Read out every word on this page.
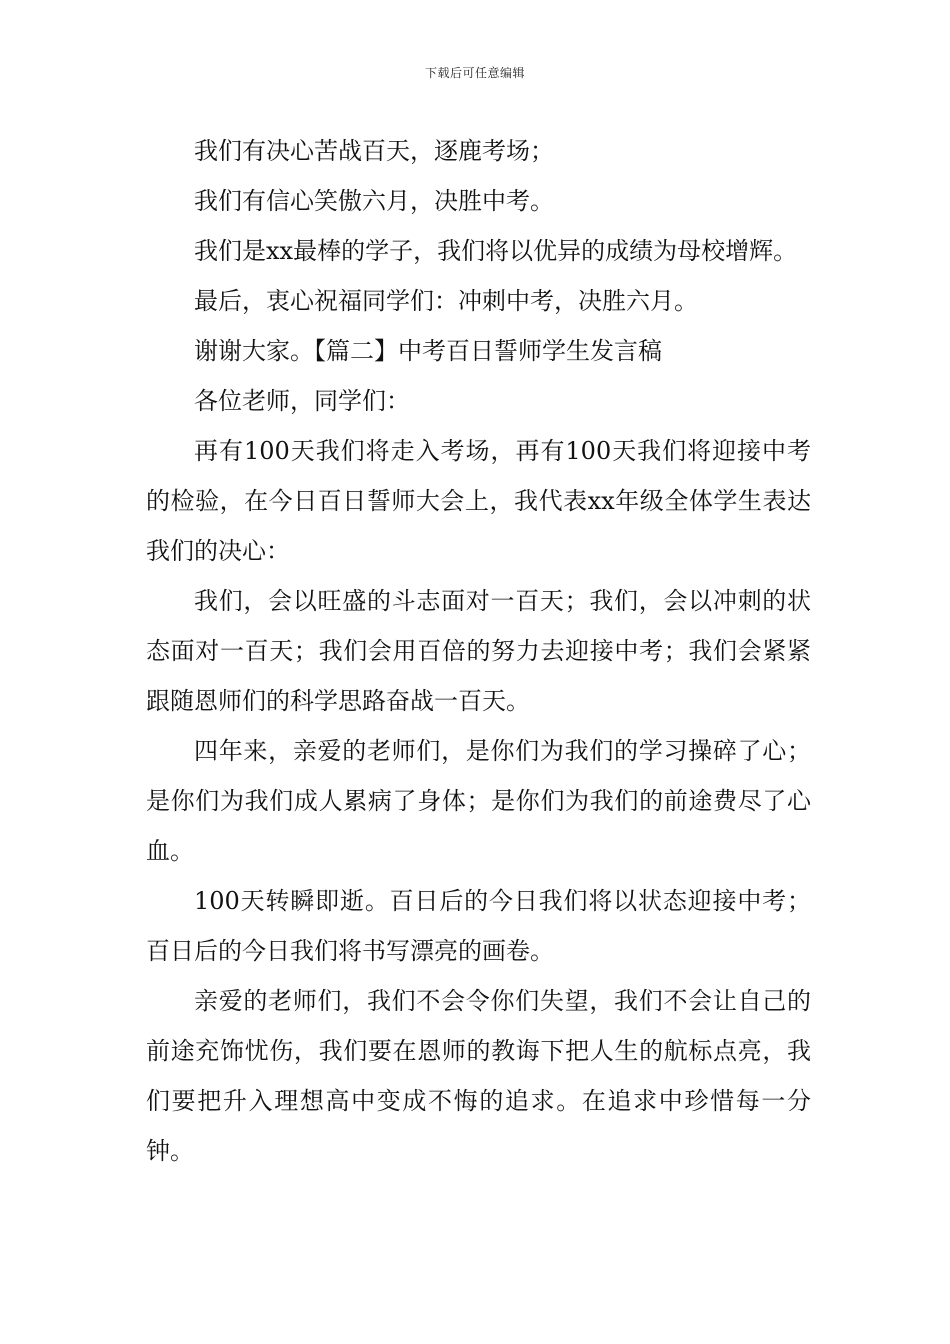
下载后可任意编辑

我们有决心苦战百天，逐鹿考场；

我们有信心笑傲六月，决胜中考。

我们是xx最棒的学子，我们将以优异的成绩为母校增辉。

最后，衷心祝福同学们：冲刺中考，决胜六月。

谢谢大家。【篇二】中考百日誓师学生发言稿

各位老师，同学们：

再有100天我们将走入考场，再有100天我们将迎接中考的检验，在今日百日誓师大会上，我代表xx年级全体学生表达我们的决心：

我们，会以旺盛的斗志面对一百天；我们，会以冲刺的状态面对一百天；我们会用百倍的努力去迎接中考；我们会紧紧跟随恩师们的科学思路奋战一百天。

四年来，亲爱的老师们，是你们为我们的学习操碎了心；是你们为我们成人累病了身体；是你们为我们的前途费尽了心血。

100天转瞬即逝。百日后的今日我们将以状态迎接中考；百日后的今日我们将书写漂亮的画卷。

亲爱的老师们，我们不会令你们失望，我们不会让自己的前途充饰忧伤，我们要在恩师的教诲下把人生的航标点亮，我们要把升入理想高中变成不悔的追求。在追求中珍惜每一分钟。
